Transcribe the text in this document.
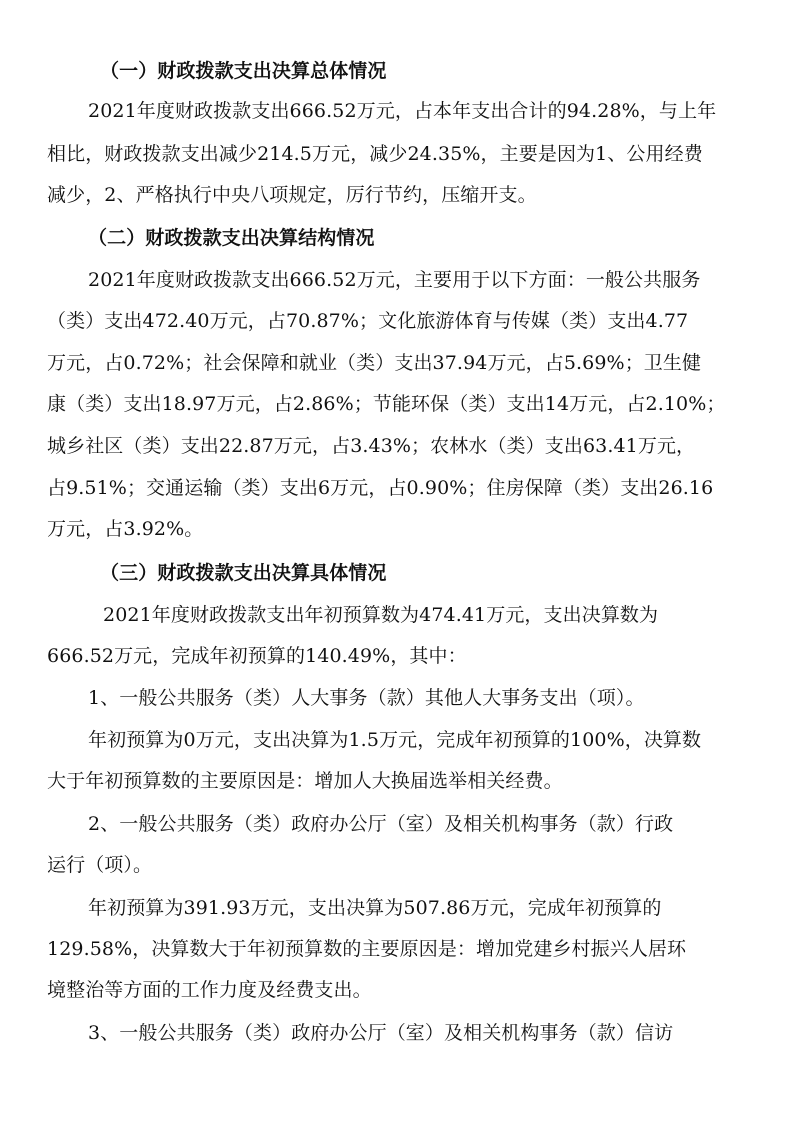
（一）财政拨款支出决算总体情况
2021年度财政拨款支出666.52万元，占本年支出合计的94.28%，与上年
相比，财政拨款支出减少214.5万元，减少24.35%，主要是因为1、公用经费
减少，2、严格执行中央八项规定，厉行节约，压缩开支。
（二）财政拨款支出决算结构情况
2021年度财政拨款支出666.52万元，主要用于以下方面：一般公共服务
（类）支出472.40万元，占70.87%；文化旅游体育与传媒（类）支出4.77
万元，占0.72%；社会保障和就业（类）支出37.94万元，占5.69%；卫生健
康（类）支出18.97万元，占2.86%；节能环保（类）支出14万元，占2.10%；
城乡社区（类）支出22.87万元，占3.43%；农林水（类）支出63.41万元，
占9.51%；交通运输（类）支出6万元，占0.90%；住房保障（类）支出26.16
万元，占3.92%。
（三）财政拨款支出决算具体情况
2021年度财政拨款支出年初预算数为474.41万元，支出决算数为
666.52万元，完成年初预算的140.49%，其中：
1、一般公共服务（类）人大事务（款）其他人大事务支出（项）。
年初预算为0万元，支出决算为1.5万元，完成年初预算的100%，决算数
大于年初预算数的主要原因是：增加人大换届选举相关经费。
2、一般公共服务（类）政府办公厅（室）及相关机构事务（款）行政
运行（项）。
年初预算为391.93万元，支出决算为507.86万元，完成年初预算的
129.58%，决算数大于年初预算数的主要原因是：增加党建乡村振兴人居环
境整治等方面的工作力度及经费支出。
3、一般公共服务（类）政府办公厅（室）及相关机构事务（款）信访
